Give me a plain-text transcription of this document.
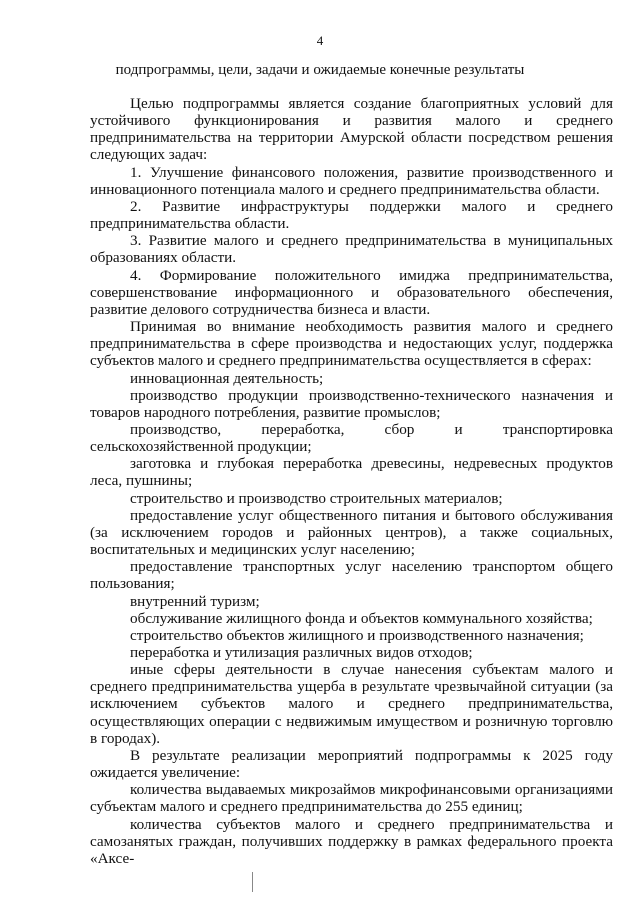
4
подпрограммы, цели, задачи и ожидаемые конечные результаты

Целью подпрограммы является создание благоприятных условий для устойчивого функционирования и развития малого и среднего предпринимательства на территории Амурской области посредством решения следующих задач:

1. Улучшение финансового положения, развитие производственного и инновационного потенциала малого и среднего предпринимательства области.

2. Развитие инфраструктуры поддержки малого и среднего предпринимательства области.

3. Развитие малого и среднего предпринимательства в муниципальных образованиях области.

4. Формирование положительного имиджа предпринимательства, совершенствование информационного и образовательного обеспечения, развитие делового сотрудничества бизнеса и власти.

Принимая во внимание необходимость развития малого и среднего предпринимательства в сфере производства и недостающих услуг, поддержка субъектов малого и среднего предпринимательства осуществляется в сферах:

инновационная деятельность;

производство продукции производственно-технического назначения и товаров народного потребления, развитие промыслов;

производство, переработка, сбор и транспортировка сельскохозяйственной продукции;

заготовка и глубокая переработка древесины, недревесных продуктов леса, пушнины;

строительство и производство строительных материалов;

предоставление услуг общественного питания и бытового обслуживания (за исключением городов и районных центров), а также социальных, воспитательных и медицинских услуг населению;

предоставление транспортных услуг населению транспортом общего пользования;

внутренний туризм;

обслуживание жилищного фонда и объектов коммунального хозяйства;

строительство объектов жилищного и производственного назначения;

переработка и утилизация различных видов отходов;

иные сферы деятельности в случае нанесения субъектам малого и среднего предпринимательства ущерба в результате чрезвычайной ситуации (за исключением субъектов малого и среднего предпринимательства, осуществляющих операции с недвижимым имуществом и розничную торговлю в городах).

В результате реализации мероприятий подпрограммы к 2025 году ожидается увеличение:

количества выдаваемых микрозаймов микрофинансовыми организациями субъектам малого и среднего предпринимательства до 255 единиц;

количества субъектов малого и среднего предпринимательства и самозанятых граждан, получивших поддержку в рамках федерального проекта «Аксе-
